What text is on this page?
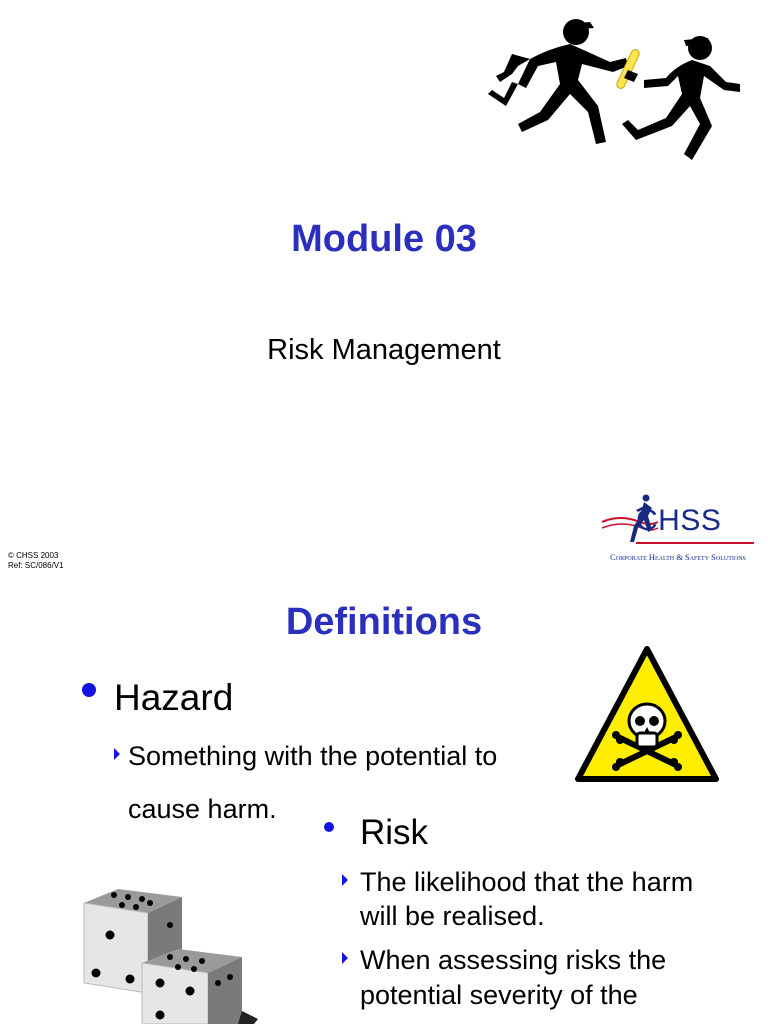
Module 03
Risk Management
© CHSS 2003
Ref: SC/086/V1
CHSS
Corporate Health & Safety Solutions
Definitions
Hazard
Something with the potential to
cause harm.
Risk
The likelihood that the harm
will be realised.
When assessing risks the
potential severity of the
